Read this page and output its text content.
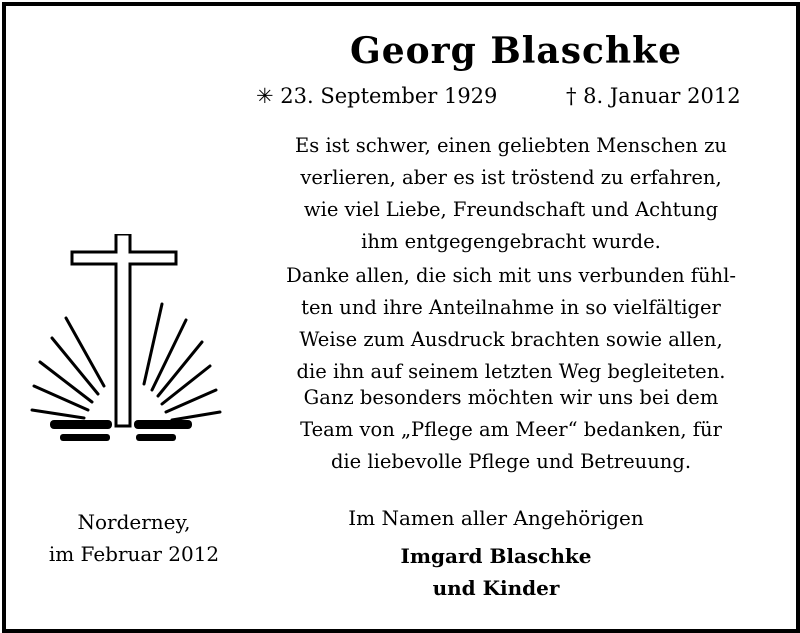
Georg Blaschke
✳ 23. September 1929	† 8. Januar 2012
Es ist schwer, einen geliebten Menschen zu
verlieren, aber es ist tröstend zu erfahren,
wie viel Liebe, Freundschaft und Achtung
ihm entgegengebracht wurde.
Danke allen, die sich mit uns verbunden fühl-
ten und ihre Anteilnahme in so vielfältiger
Weise zum Ausdruck brachten sowie allen,
die ihn auf seinem letzten Weg begleiteten.
Ganz besonders möchten wir uns bei dem
Team von „Pflege am Meer“ bedanken, für
die liebevolle Pflege und Betreuung.
Norderney,
im Februar 2012
Im Namen aller Angehörigen
Imgard Blaschke
und Kinder
